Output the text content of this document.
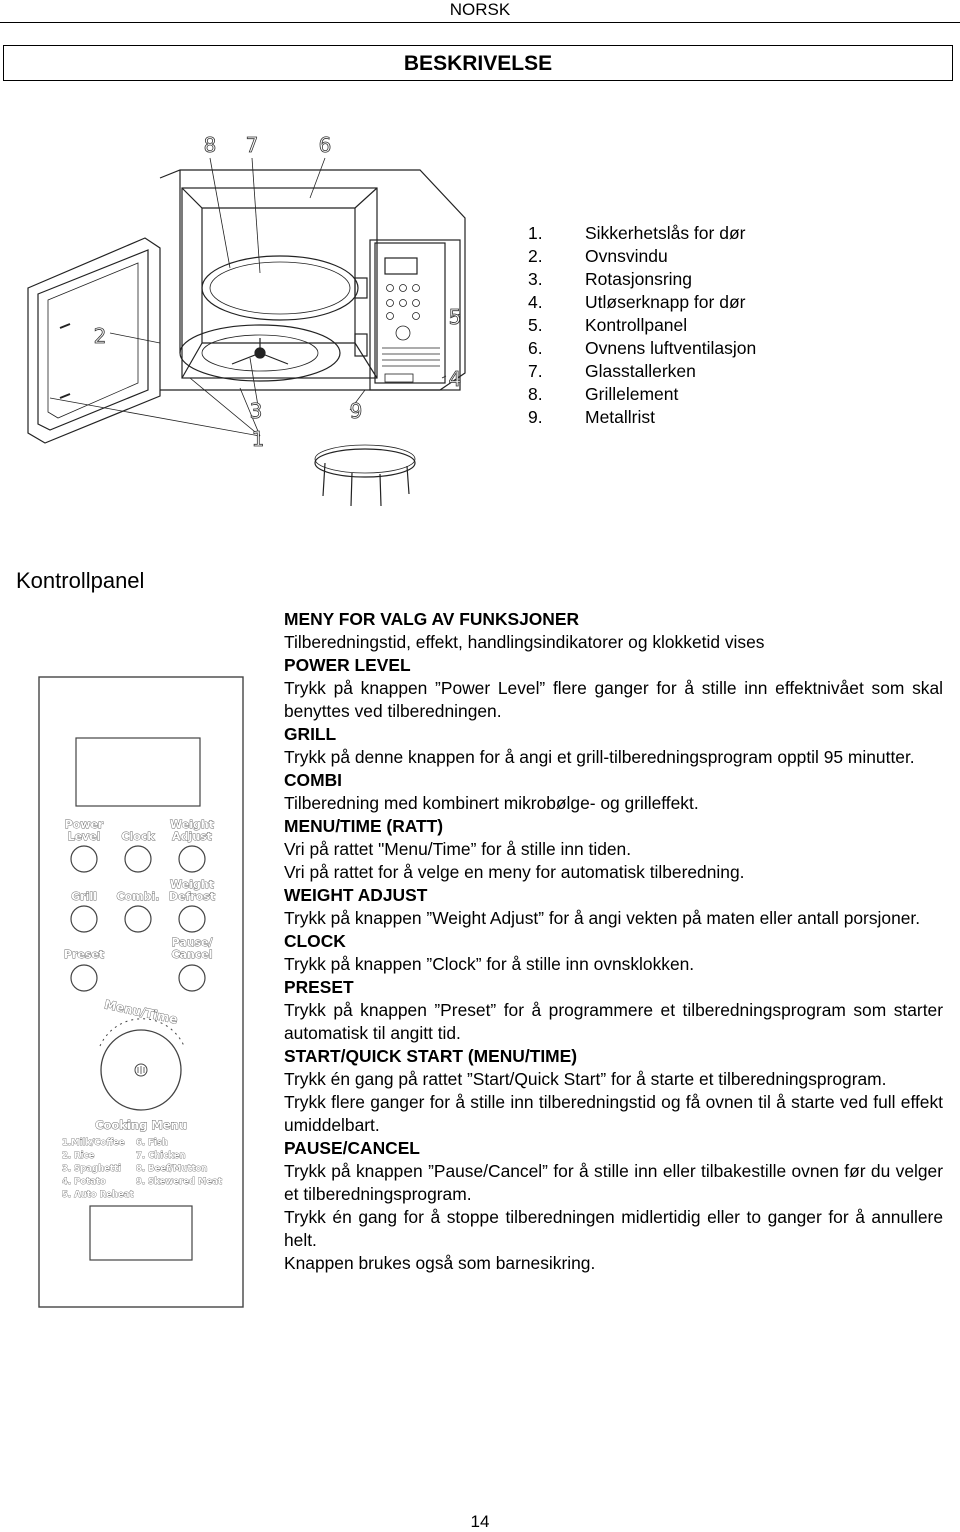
NORSK
BESKRIVELSE
8 7	6
2
5
4
3	9
1
1.	Sikkerhetslås for dør
2.	Ovnsvindu
3.	Rotasjonsring
4.	Utløserknapp for dør
5.	Kontrollpanel
6.	Ovnens luftventilasjon
7.	Glasstallerken
8.	Grillelement
9.	Metallrist
Kontrollpanel
Power
Level Clock
Weight
Adjust
Grill Combi.
Weight
Defrost
Preset
Pause/
Cancel
Menu/Time
Cooking Menu
1.Milk/Coffee
2. Rice
3. Spaghetti
4. Potato
5. Auto Reheat
6. Fish
7. Chicken
8. Beef/Mutton
9. Skewered Meat

MENY FOR VALG AV FUNKSJONER

Tilberedningstid, effekt, handlingsindikatorer og klokketid vises

POWER LEVEL

Trykk på knappen ”Power Level” flere ganger for å stille inn effektnivået som skal benyttes ved tilberedningen.

GRILL

Trykk på denne knappen for å angi et grill-tilberedningsprogram opptil 95 minutter.

COMBI

Tilberedning med kombinert mikrobølge- og grilleffekt.

MENU/TIME (RATT)

Vri på rattet "Menu/Time” for å stille inn tiden.

Vri på rattet for å velge en meny for automatisk tilberedning.

WEIGHT ADJUST

Trykk på knappen ”Weight Adjust” for å angi vekten på maten eller antall porsjoner.

CLOCK

Trykk på knappen ”Clock” for å stille inn ovnsklokken.

PRESET

Trykk på knappen ”Preset” for å programmere et tilberedningsprogram som starter automatisk til angitt tid.

START/QUICK START (MENU/TIME)

Trykk én gang på rattet ”Start/Quick Start” for å starte et tilberedningsprogram.

Trykk flere ganger for å stille inn tilberedningstid og få ovnen til å starte ved full effekt umiddelbart.

PAUSE/CANCEL

Trykk på knappen ”Pause/Cancel” for å stille inn eller tilbakestille ovnen før du velger et tilberedningsprogram.

Trykk én gang for å stoppe tilberedningen midlertidig eller to ganger for å annullere helt.

Knappen brukes også som barnesikring.

14
